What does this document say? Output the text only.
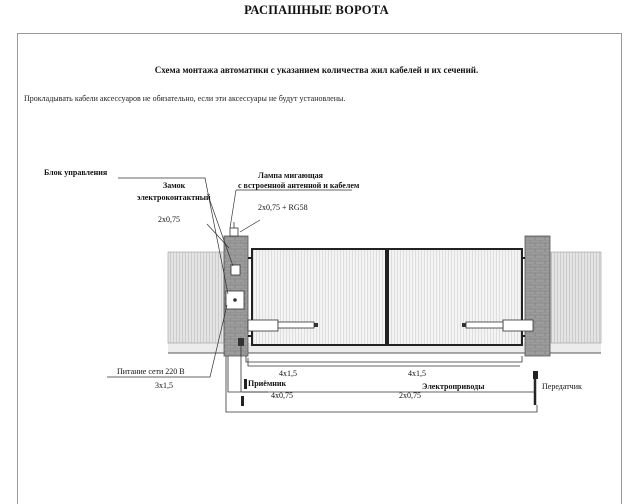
РАСПАШНЫЕ ВОРОТА
Схема монтажа автоматики с указанием количества жил кабелей и их сечений.
Прокладывать кабели аксессуаров не обязательно, если эти аксессуары не будут установлены.
Блок управления
Замок
электроконтактный
2x0,75
Лампа мигающая
с встроенной антенной и кабелем
2x0,75 + RG58
Питание сети 220 В
3x1,5
4x1,5	4x1,5
Приёмник
4x0,75
Электроприводы
2x0,75
Передатчик
